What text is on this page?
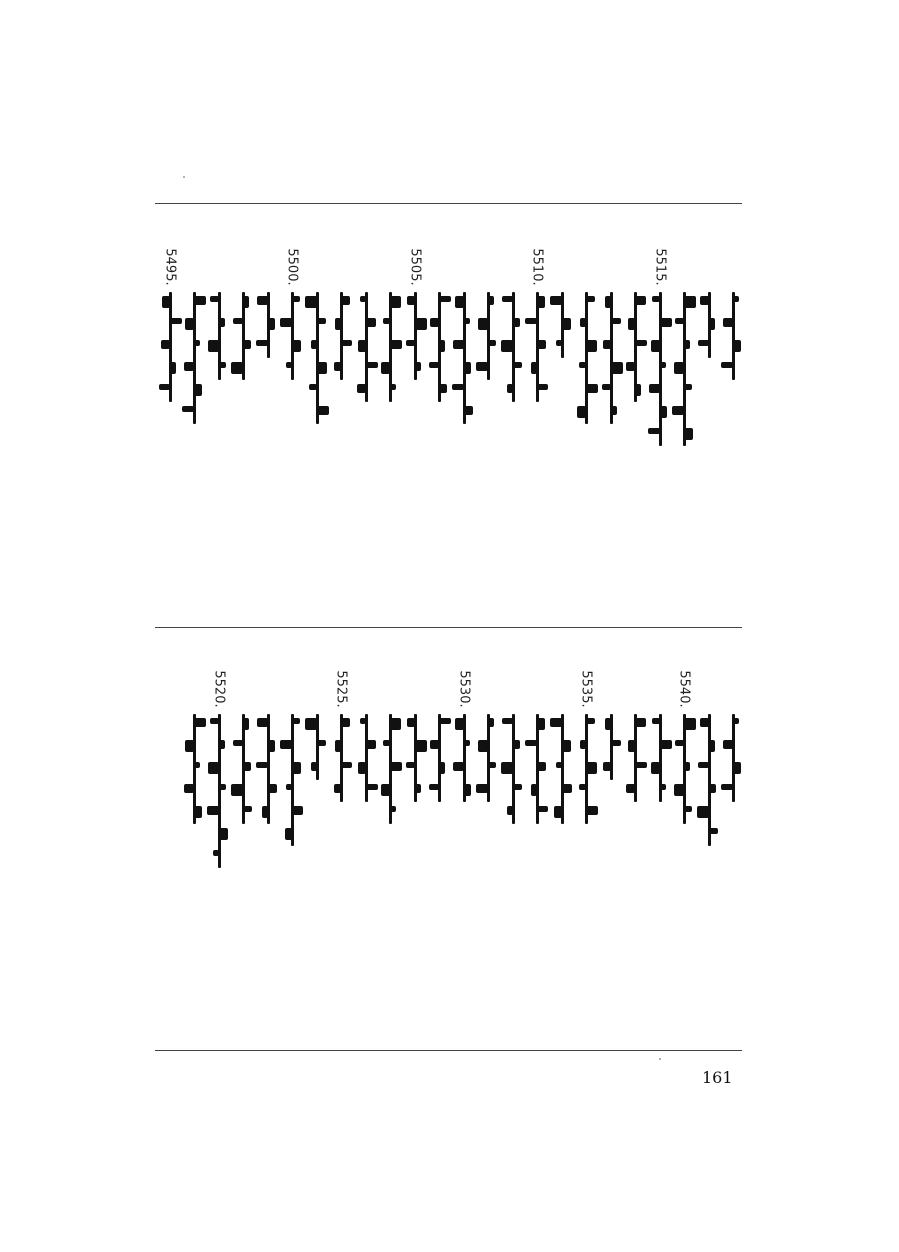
5515.
5510.
5505.
5500.
5495.
5540.
5535.
5530.
5525.
5520.
161
